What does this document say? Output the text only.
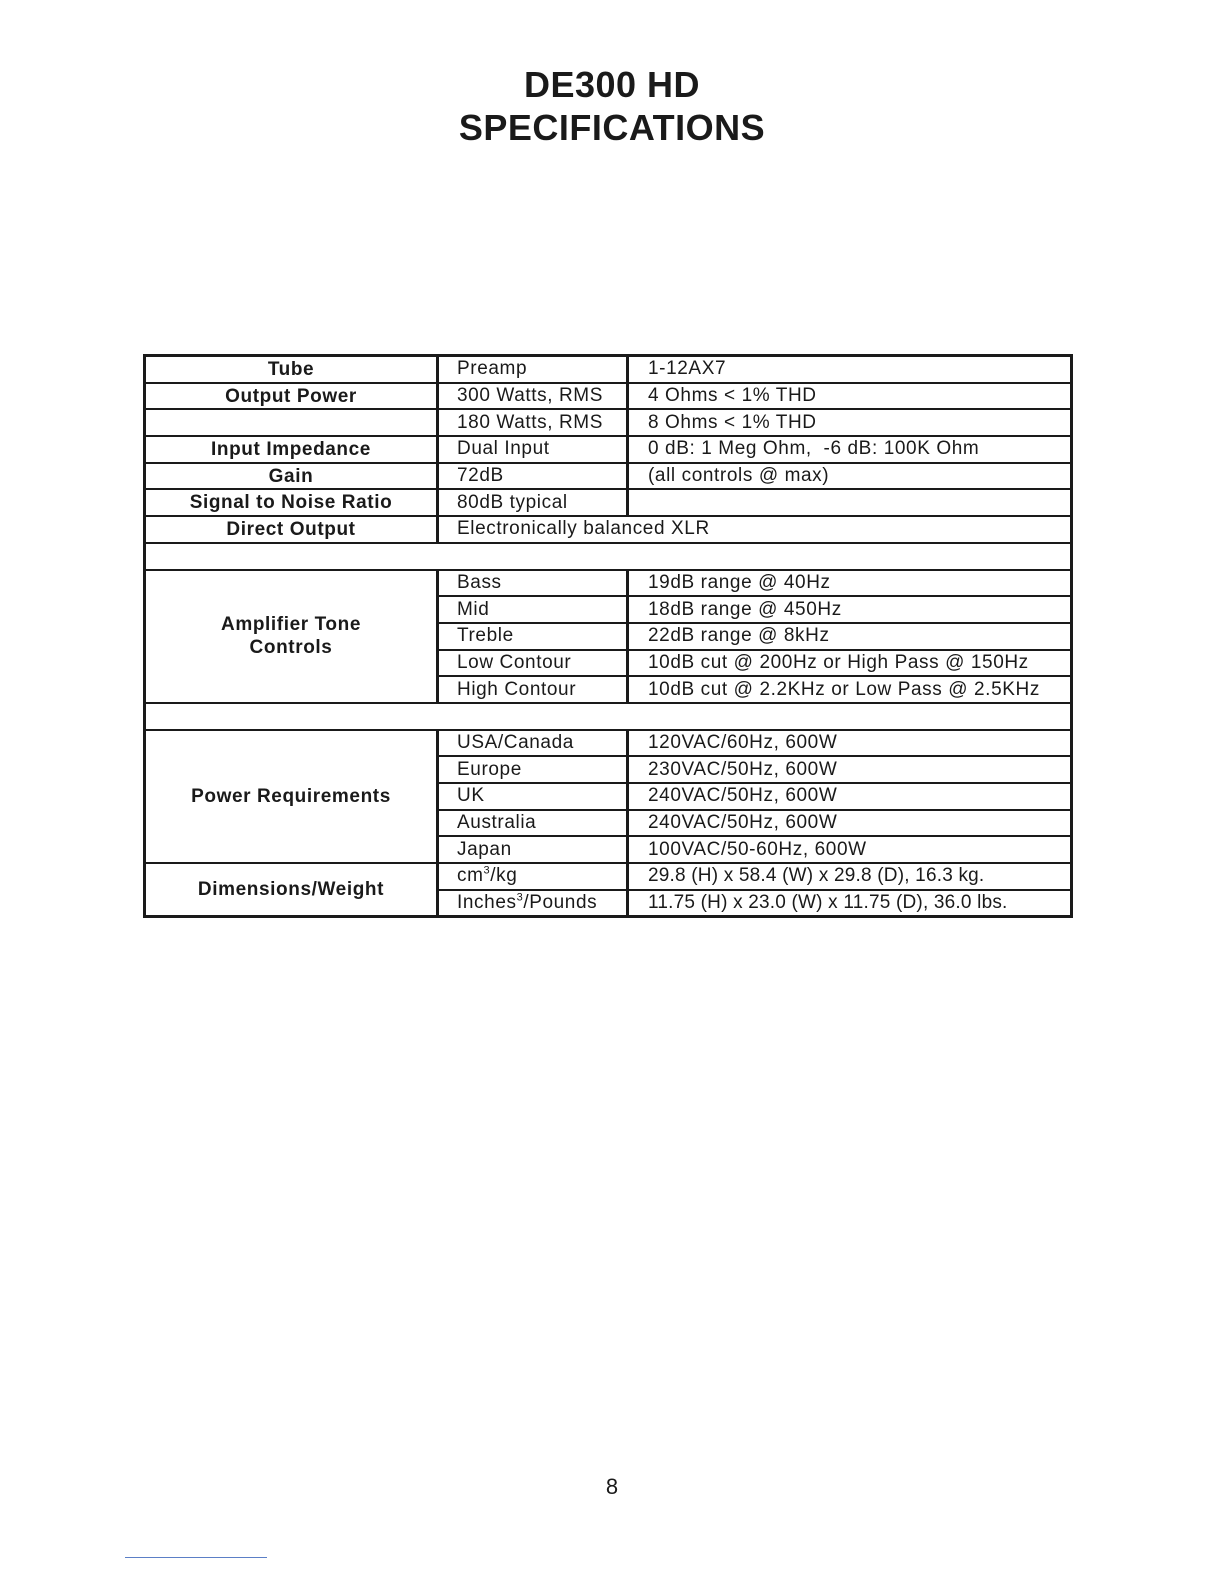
DE300 HD
SPECIFICATIONS
Tube	Preamp	1-12AX7
Output Power	300 Watts, RMS	4 Ohms < 1% THD
	180 Watts, RMS	8 Ohms < 1% THD
Input Impedance	Dual Input	0 dB: 1 Meg Ohm,  -6 dB: 100K Ohm
Gain	72dB	(all controls @ max)
Signal to Noise Ratio	80dB typical	
Direct Output	Electronically balanced XLR	

Amplifier Tone Controls	Bass	19dB range @ 40Hz
	Mid	18dB range @ 450Hz
	Treble	22dB range @ 8kHz
	Low Contour	10dB cut @ 200Hz or High Pass @ 150Hz
	High Contour	10dB cut @ 2.2KHz or Low Pass @ 2.5KHz

Power Requirements	USA/Canada	120VAC/60Hz, 600W
	Europe	230VAC/50Hz, 600W
	UK	240VAC/50Hz, 600W
	Australia	240VAC/50Hz, 600W
	Japan	100VAC/50-60Hz, 600W
Dimensions/Weight	$cm^3/kg$	29.8 (H) x 58.4 (W) x 29.8 (D), 16.3 kg.
	Inches$^3$/Pounds	11.75 (H) x 23.0 (W) x 11.75 (D), 36.0 lbs.
8
